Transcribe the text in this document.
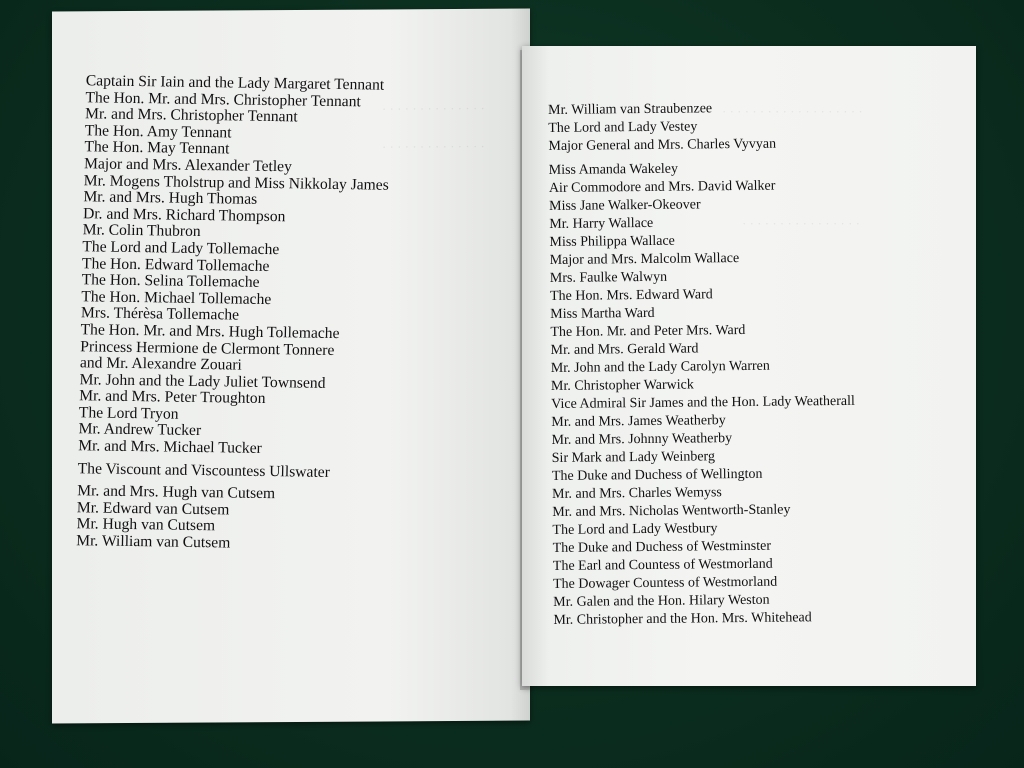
· · · · · · · · · · · · · ·
· · · · · · · · · · · · · ·
Captain Sir Iain and the Lady Margaret Tennant
The Hon. Mr. and Mrs. Christopher Tennant
Mr. and Mrs. Christopher Tennant
The Hon. Amy Tennant
The Hon. May Tennant
Major and Mrs. Alexander Tetley
Mr. Mogens Tholstrup and Miss Nikkolay James
Mr. and Mrs. Hugh Thomas
Dr. and Mrs. Richard Thompson
Mr. Colin Thubron
The Lord and Lady Tollemache
The Hon. Edward Tollemache
The Hon. Selina Tollemache
The Hon. Michael Tollemache
Mrs. Thérèsa Tollemache
The Hon. Mr. and Mrs. Hugh Tollemache
Princess Hermione de Clermont Tonnere
and Mr. Alexandre Zouari
Mr. John and the Lady Juliet Townsend
Mr. and Mrs. Peter Troughton
The Lord Tryon
Mr. Andrew Tucker
Mr. and Mrs. Michael Tucker
The Viscount and Viscountess Ullswater
Mr. and Mrs. Hugh van Cutsem
Mr. Edward van Cutsem
Mr. Hugh van Cutsem
Mr. William van Cutsem
· · · · · · · · · · · · · · · · · · ·
· · · · · · · · · · · · · · · ·
Mr. William van Straubenzee
The Lord and Lady Vestey
Major General and Mrs. Charles Vyvyan
Miss Amanda Wakeley
Air Commodore and Mrs. David Walker
Miss Jane Walker-Okeover
Mr. Harry Wallace
Miss Philippa Wallace
Major and Mrs. Malcolm Wallace
Mrs. Faulke Walwyn
The Hon. Mrs. Edward Ward
Miss Martha Ward
The Hon. Mr. and Peter Mrs. Ward
Mr. and Mrs. Gerald Ward
Mr. John and the Lady Carolyn Warren
Mr. Christopher Warwick
Vice Admiral Sir James and the Hon. Lady Weatherall
Mr. and Mrs. James Weatherby
Mr. and Mrs. Johnny Weatherby
Sir Mark and Lady Weinberg
The Duke and Duchess of Wellington
Mr. and Mrs. Charles Wemyss
Mr. and Mrs. Nicholas Wentworth-Stanley
The Lord and Lady Westbury
The Duke and Duchess of Westminster
The Earl and Countess of Westmorland
The Dowager Countess of Westmorland
Mr. Galen and the Hon. Hilary Weston
Mr. Christopher and the Hon. Mrs. Whitehead
